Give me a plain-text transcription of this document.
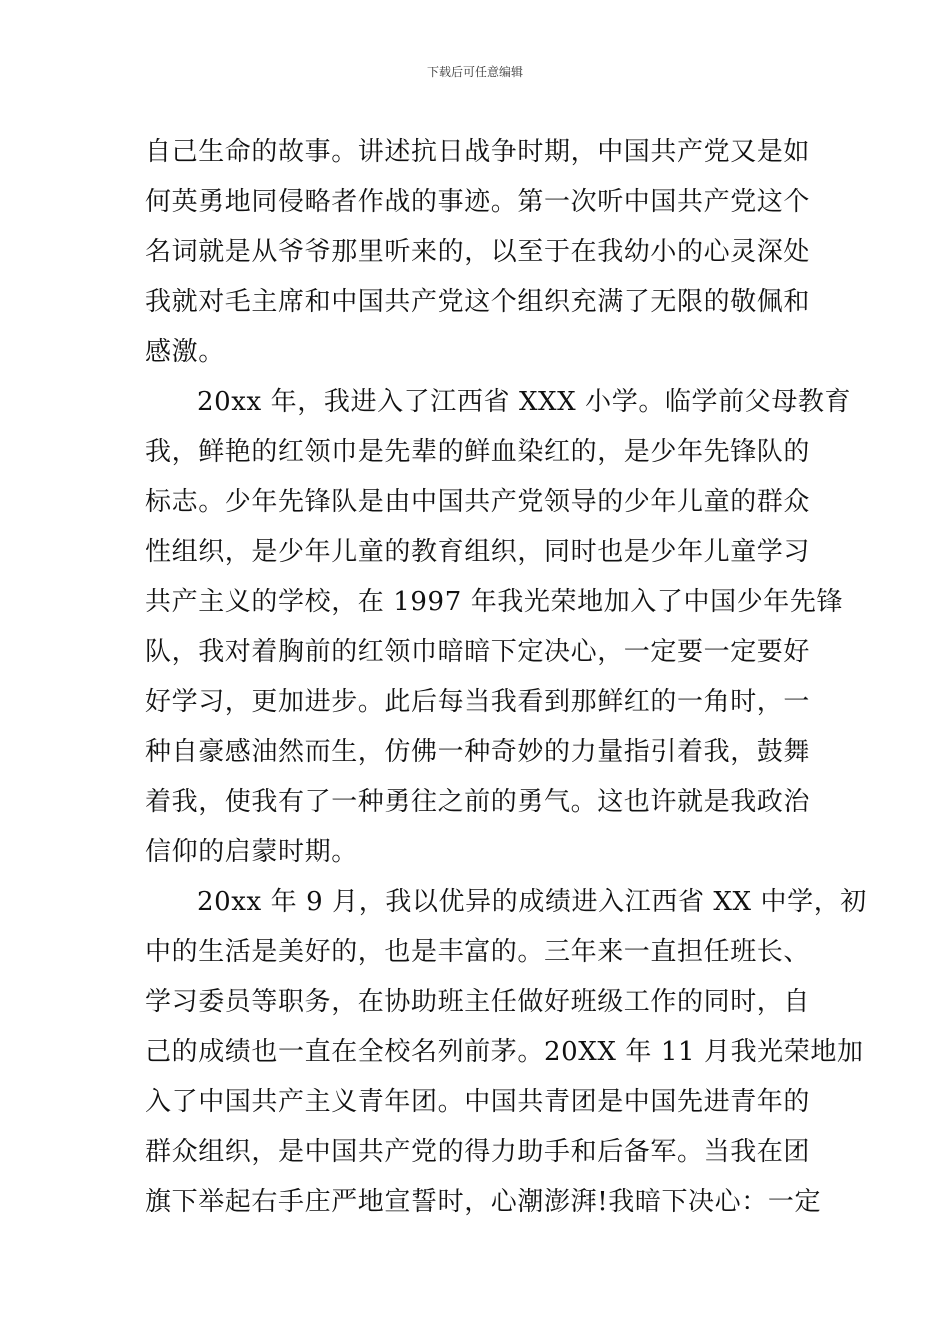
下载后可任意编辑
自己生命的故事。讲述抗日战争时期，中国共产党又是如
何英勇地同侵略者作战的事迹。第一次听中国共产党这个
名词就是从爷爷那里听来的，以至于在我幼小的心灵深处
我就对毛主席和中国共产党这个组织充满了无限的敬佩和
感激。
20xx 年，我进入了江西省 XXX 小学。临学前父母教育
我，鲜艳的红领巾是先辈的鲜血染红的，是少年先锋队的
标志。少年先锋队是由中国共产党领导的少年儿童的群众
性组织，是少年儿童的教育组织，同时也是少年儿童学习
共产主义的学校，在 1997 年我光荣地加入了中国少年先锋
队，我对着胸前的红领巾暗暗下定决心，一定要一定要好
好学习，更加进步。此后每当我看到那鲜红的一角时，一
种自豪感油然而生，仿佛一种奇妙的力量指引着我，鼓舞
着我，使我有了一种勇往之前的勇气。这也许就是我政治
信仰的启蒙时期。
20xx 年 9 月，我以优异的成绩进入江西省 XX 中学，初
中的生活是美好的，也是丰富的。三年来一直担任班长、
学习委员等职务，在协助班主任做好班级工作的同时，自
己的成绩也一直在全校名列前茅。20XX 年 11 月我光荣地加
入了中国共产主义青年团。中国共青团是中国先进青年的
群众组织，是中国共产党的得力助手和后备军。当我在团
旗下举起右手庄严地宣誓时，心潮澎湃!我暗下决心：一定
